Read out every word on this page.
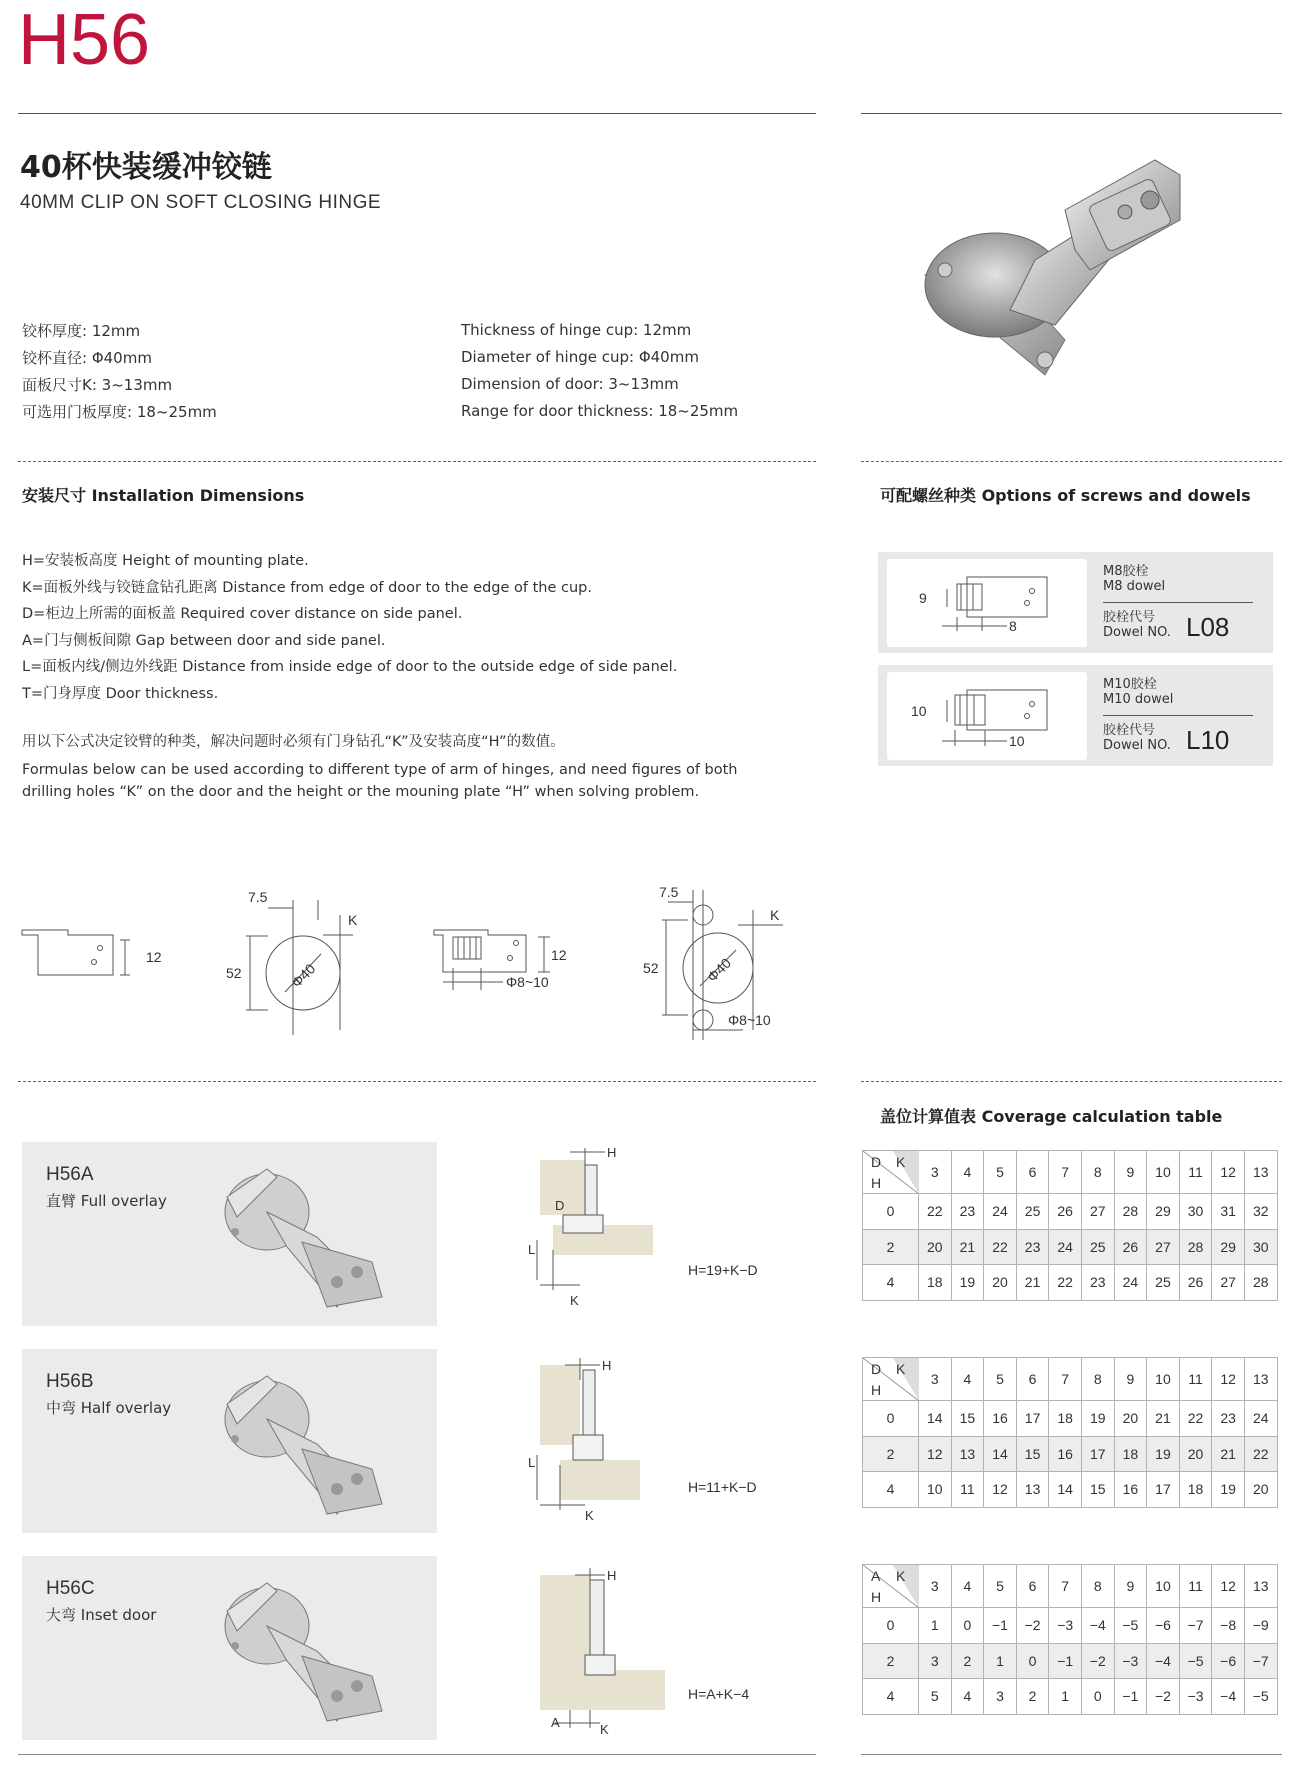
H56
40杯快装缓冲铰链
40MM CLIP ON SOFT CLOSING HINGE
铰杯厚度: 12mm
铰杯直径: Φ40mm
面板尺寸K: 3~13mm
可选用门板厚度: 18~25mm
Thickness of hinge cup: 12mm
Diameter of hinge cup: Φ40mm
Dimension of door: 3~13mm
Range for door thickness: 18~25mm
安装尺寸 Installation Dimensions
H=安装板高度 Height of mounting plate.
K=面板外线与铰链盒钻孔距离 Distance from edge of door to the edge of the cup.
D=柜边上所需的面板盖 Required cover distance on side panel.
A=门与侧板间隙 Gap between door and side panel.
L=面板内线/侧边外线距 Distance from inside edge of door to the outside edge of side panel.
T=门身厚度 Door thickness.
用以下公式决定铰臂的种类，解决问题时必须有门身钻孔“K”及安装高度“H”的数值。
Formulas below can be used according to different type of arm of hinges, and need figures of both
drilling holes “K” on the door and the height or the mouning plate “H” when solving problem.
12
7.5
K
52	Φ40
12
Φ8~10
7.5
K
52	Φ40
Φ8~10
可配螺丝种类 Options of screws and dowels
9
8
M8胶栓
M8 dowel
胶栓代号
Dowel NO. L08
10
10
M10胶栓
M10 dowel
胶栓代号
Dowel NO. L10
盖位计算值表 Coverage calculation table
H56A
直臂 Full overlay
H
D
L
K
H=19+K−D
H56B
中弯 Half overlay
H
L
K
H=11+K−D
H56C
大弯 Inset door
H
A	K
H=A+K−4
D K
H	3	4	5	6	7	8	9	10	11	12	13
0	22	23	24	25	26	27	28	29	30	31	32
2	20	21	22	23	24	25	26	27	28	29	30
4	18	19	20	21	22	23	24	25	26	27	28
D K
H	3	4	5	6	7	8	9	10	11	12	13
0	14	15	16	17	18	19	20	21	22	23	24
2	12	13	14	15	16	17	18	19	20	21	22
4	10	11	12	13	14	15	16	17	18	19	20
A K
H	3	4	5	6	7	8	9	10	11	12	13
0	1	0	−1	−2	−3	−4	−5	−6	−7	−8	−9
2	3	2	1	0	−1	−2	−3	−4	−5	−6	−7
4	5	4	3	2	1	0	−1	−2	−3	−4	−5
